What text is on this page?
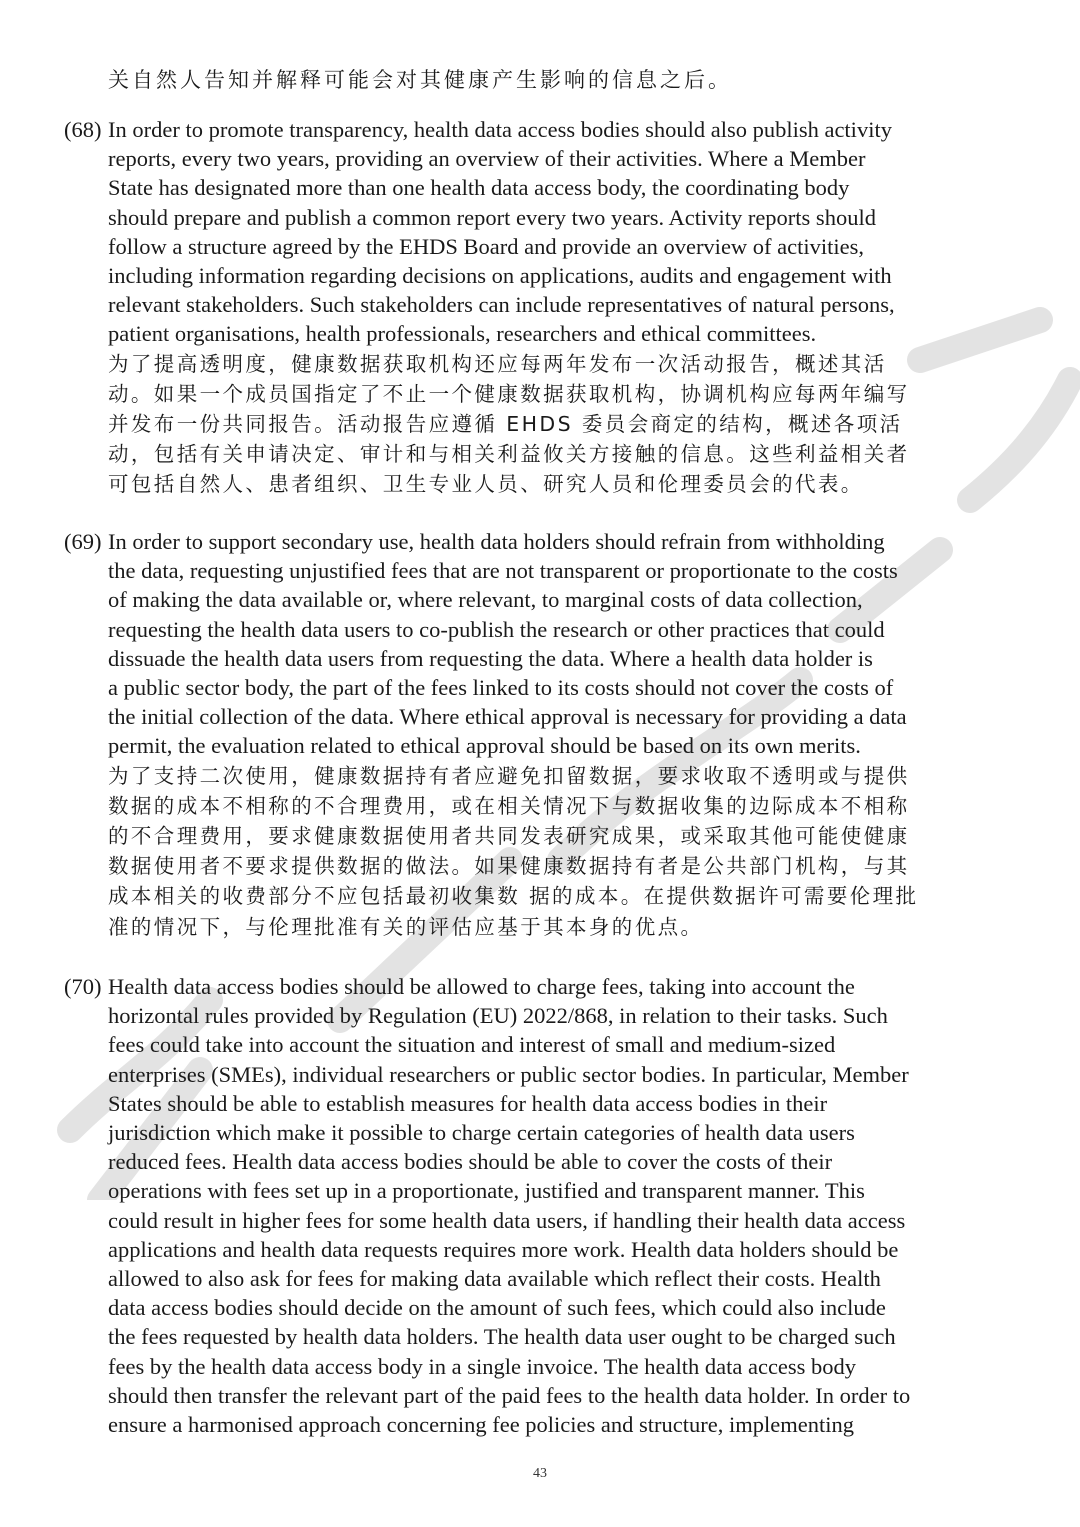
关自然人告知并解释可能会对其健康产生影响的信息之后。
(68) In order to promote transparency, health data access bodies should also publish activity
reports, every two years, providing an overview of their activities. Where a Member
State has designated more than one health data access body, the coordinating body
should prepare and publish a common report every two years. Activity reports should
follow a structure agreed by the EHDS Board and provide an overview of activities,
including information regarding decisions on applications, audits and engagement with
relevant stakeholders. Such stakeholders can include representatives of natural persons,
patient organisations, health professionals, researchers and ethical committees.
为了提高透明度，健康数据获取机构还应每两年发布一次活动报告，概述其活
动。如果一个成员国指定了不止一个健康数据获取机构，协调机构应每两年编写
并发布一份共同报告。活动报告应遵循 EHDS 委员会商定的结构，概述各项活
动，包括有关申请决定、审计和与相关利益攸关方接触的信息。这些利益相关者
可包括自然人、患者组织、卫生专业人员、研究人员和伦理委员会的代表。
(69) In order to support secondary use, health data holders should refrain from withholding
the data, requesting unjustified fees that are not transparent or proportionate to the costs
of making the data available or, where relevant, to marginal costs of data collection,
requesting the health data users to co-publish the research or other practices that could
dissuade the health data users from requesting the data. Where a health data holder is
a public sector body, the part of the fees linked to its costs should not cover the costs of
the initial collection of the data. Where ethical approval is necessary for providing a data
permit, the evaluation related to ethical approval should be based on its own merits.
为了支持二次使用，健康数据持有者应避免扣留数据，要求收取不透明或与提供
数据的成本不相称的不合理费用，或在相关情况下与数据收集的边际成本不相称
的不合理费用，要求健康数据使用者共同发表研究成果，或采取其他可能使健康
数据使用者不要求提供数据的做法。如果健康数据持有者是公共部门机构，与其
成本相关的收费部分不应包括最初收集数 据的成本。在提供数据许可需要伦理批
准的情况下，与伦理批准有关的评估应基于其本身的优点。
(70) Health data access bodies should be allowed to charge fees, taking into account the
horizontal rules provided by Regulation (EU) 2022/868, in relation to their tasks. Such
fees could take into account the situation and interest of small and medium-sized
enterprises (SMEs), individual researchers or public sector bodies. In particular, Member
States should be able to establish measures for health data access bodies in their
jurisdiction which make it possible to charge certain categories of health data users
reduced fees. Health data access bodies should be able to cover the costs of their
operations with fees set up in a proportionate, justified and transparent manner. This
could result in higher fees for some health data users, if handling their health data access
applications and health data requests requires more work. Health data holders should be
allowed to also ask for fees for making data available which reflect their costs. Health
data access bodies should decide on the amount of such fees, which could also include
the fees requested by health data holders. The health data user ought to be charged such
fees by the health data access body in a single invoice. The health data access body
should then transfer the relevant part of the paid fees to the health data holder. In order to
ensure a harmonised approach concerning fee policies and structure, implementing
43
